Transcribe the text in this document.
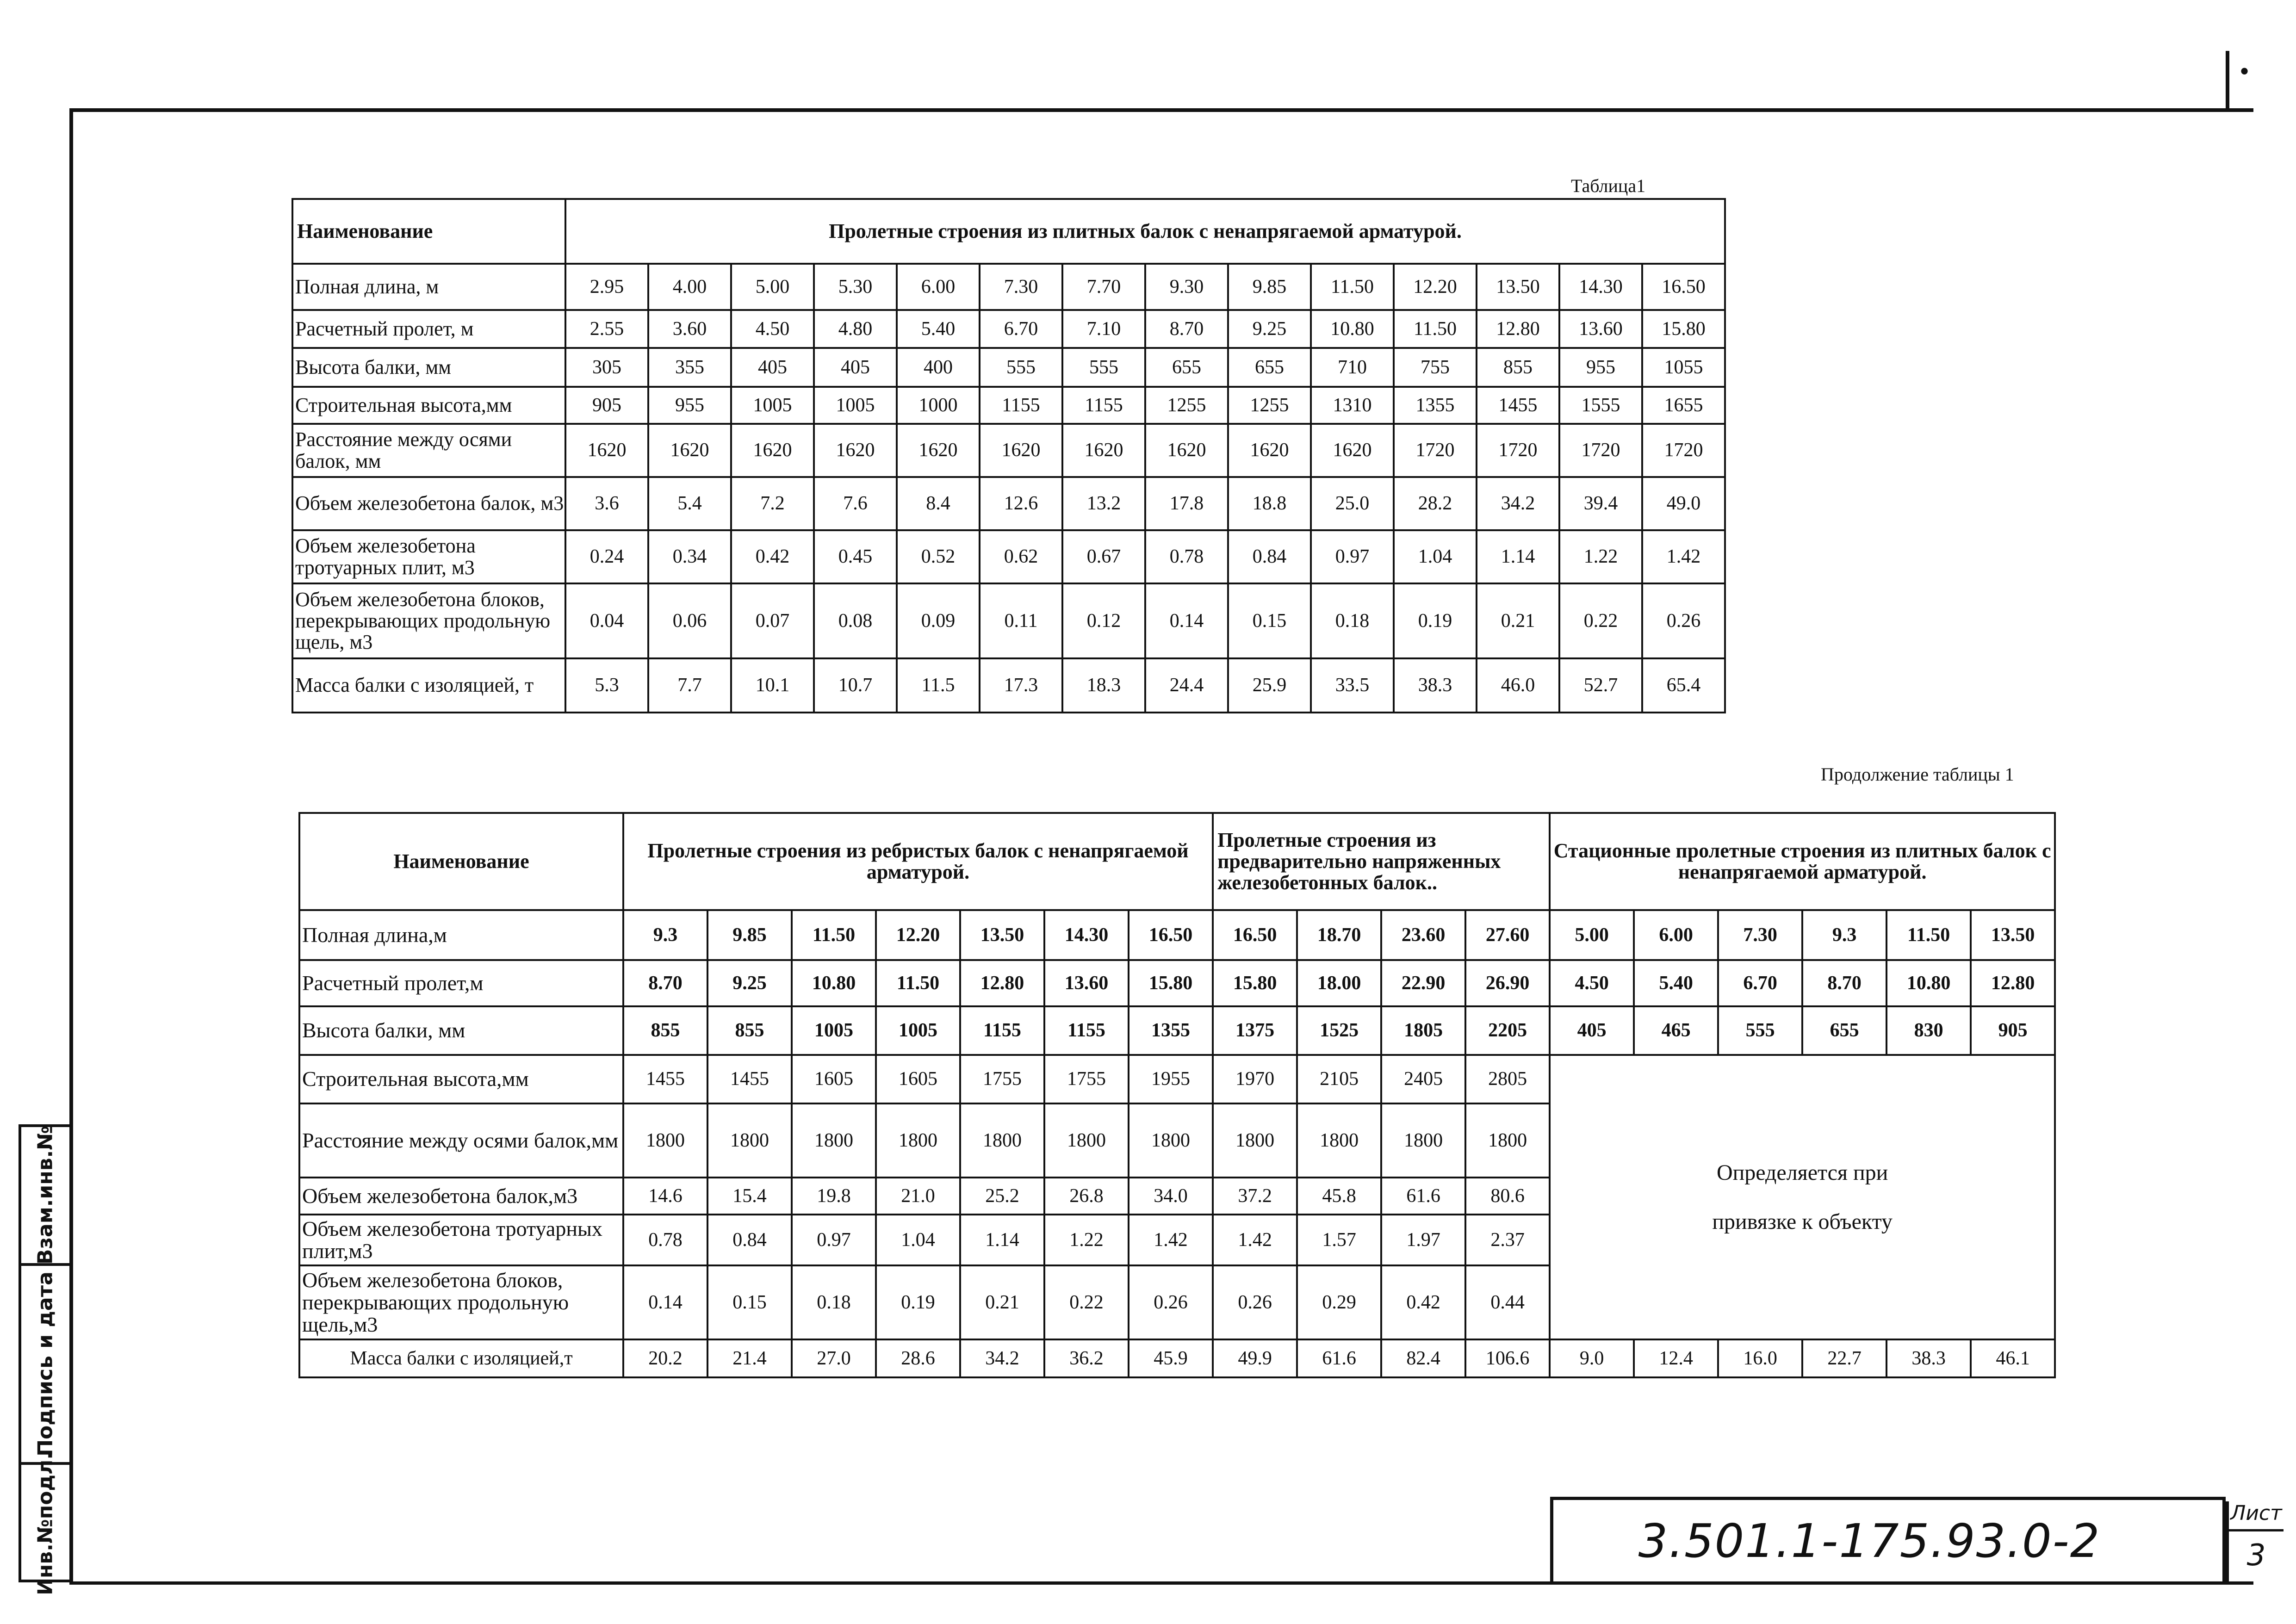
•
Взам.инв.№
Подпись и дата
Инв.№подл.
Таблица1
Продолжение таблицы 1
Наименование	Пролетные строения из плитных балок с ненапрягаемой арматурой.													
Полная длина, м	2.95	4.00	5.00	5.30	6.00	7.30	7.70	9.30	9.85	11.50	12.20	13.50	14.30	16.50
Расчетный пролет, м	2.55	3.60	4.50	4.80	5.40	6.70	7.10	8.70	9.25	10.80	11.50	12.80	13.60	15.80
Высота балки, мм	305	355	405	405	400	555	555	655	655	710	755	855	955	1055
Строительная высота,мм	905	955	1005	1005	1000	1155	1155	1255	1255	1310	1355	1455	1555	1655
Расстояние между осями балок, мм	1620	1620	1620	1620	1620	1620	1620	1620	1620	1620	1720	1720	1720	1720
Объем железобетона балок, м3	3.6	5.4	7.2	7.6	8.4	12.6	13.2	17.8	18.8	25.0	28.2	34.2	39.4	49.0
Объем железобетона тротуарных плит, м3	0.24	0.34	0.42	0.45	0.52	0.62	0.67	0.78	0.84	0.97	1.04	1.14	1.22	1.42
Объем железобетона блоков, перекрывающих продольную щель, м3	0.04	0.06	0.07	0.08	0.09	0.11	0.12	0.14	0.15	0.18	0.19	0.21	0.22	0.26
Масса балки с изоляцией, т	5.3	7.7	10.1	10.7	11.5	17.3	18.3	24.4	25.9	33.5	38.3	46.0	52.7	65.4
Наименование	Пролетные строения из ребристых балок с ненапрягаемой арматурой.							Пролетные строения из предварительно напряженных железобетонных балок..				Стационные пролетные строения из плитных балок с ненапрягаемой арматурой.					
Полная длина,м	9.3	9.85	11.50	12.20	13.50	14.30	16.50	16.50	18.70	23.60	27.60	5.00	6.00	7.30	9.3	11.50	13.50
Расчетный пролет,м	8.70	9.25	10.80	11.50	12.80	13.60	15.80	15.80	18.00	22.90	26.90	4.50	5.40	6.70	8.70	10.80	12.80
Высота балки, мм	855	855	1005	1005	1155	1155	1355	1375	1525	1805	2205	405	465	555	655	830	905
Строительная высота,мм	1455	1455	1605	1605	1755	1755	1955	1970	2105	2405	2805	Определяется при
привязке к объекту					

Расстояние между осями балок,мм	1800	1800	1800	1800	1800	1800	1800	1800	1800	1800	1800						
Объем железобетона балок,м3	14.6	15.4	19.8	21.0	25.2	26.8	34.0	37.2	45.8	61.6	80.6						
Объем железобетона тротуарных плит,м3	0.78	0.84	0.97	1.04	1.14	1.22	1.42	1.42	1.57	1.97	2.37						
Объем железобетона блоков, перекрывающих продольную щель,м3	0.14	0.15	0.18	0.19	0.21	0.22	0.26	0.26	0.29	0.42	0.44						
Масса балки с изоляцией,т	20.2	21.4	27.0	28.6	34.2	36.2	45.9	49.9	61.6	82.4	106.6	9.0	12.4	16.0	22.7	38.3	46.1
3.501.1-175.93.0-2
Лист
3
